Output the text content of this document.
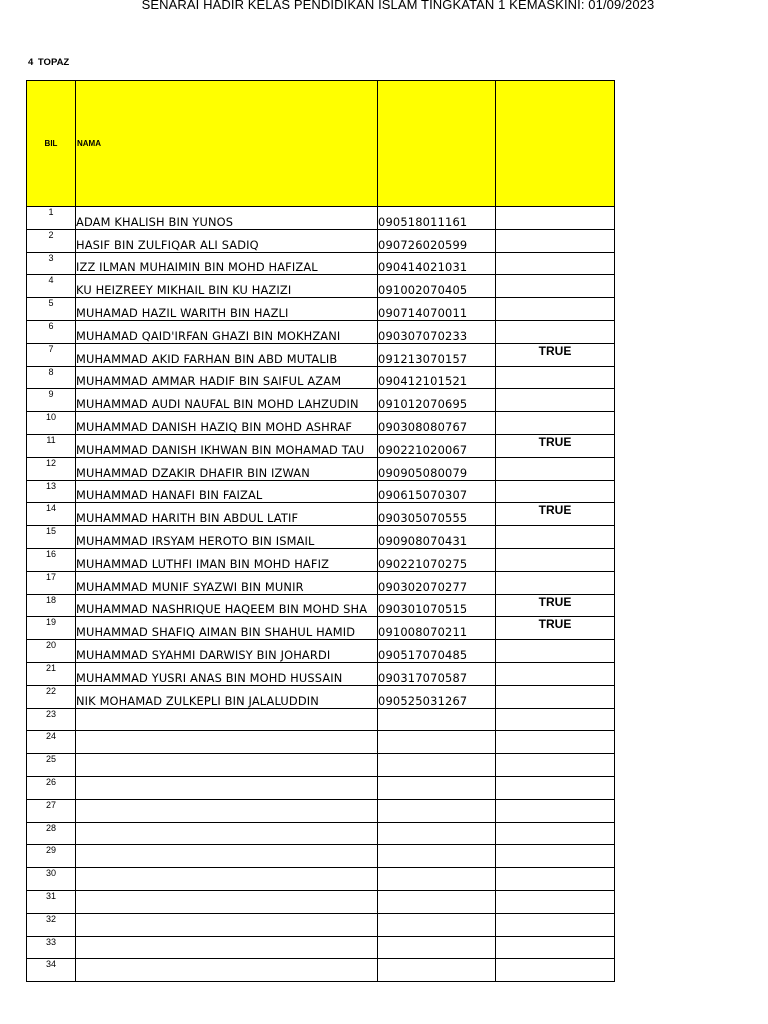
SENARAI HADIR KELAS PENDIDIKAN ISLAM TINGKATAN 1 KEMASKINI: 01/09/2023
4 TOPAZ
BIL	NAMA		
1	ADAM KHALISH BIN YUNOS	090518011161	
2	HASIF BIN ZULFIQAR ALI SADIQ	090726020599	
3	IZZ ILMAN MUHAIMIN BIN MOHD HAFIZAL	090414021031	
4	KU HEIZREEY MIKHAIL BIN KU HAZIZI	091002070405	
5	MUHAMAD HAZIL WARITH BIN HAZLI	090714070011	
6	MUHAMAD QAID'IRFAN GHAZI BIN MOKHZANI	090307070233	
7	MUHAMMAD AKID FARHAN BIN ABD MUTALIB	091213070157	TRUE
8	MUHAMMAD AMMAR HADIF BIN SAIFUL AZAM	090412101521	
9	MUHAMMAD AUDI NAUFAL BIN MOHD LAHZUDIN	091012070695	
10	MUHAMMAD DANISH HAZIQ BIN MOHD ASHRAF	090308080767	
11	MUHAMMAD DANISH IKHWAN BIN MOHAMAD TAU	090221020067	TRUE
12	MUHAMMAD DZAKIR DHAFIR BIN IZWAN	090905080079	
13	MUHAMMAD HANAFI BIN FAIZAL	090615070307	
14	MUHAMMAD HARITH BIN ABDUL LATIF	090305070555	TRUE
15	MUHAMMAD IRSYAM HEROTO BIN ISMAIL	090908070431	
16	MUHAMMAD LUTHFI IMAN BIN MOHD HAFIZ	090221070275	
17	MUHAMMAD MUNIF SYAZWI BIN MUNIR	090302070277	
18	MUHAMMAD NASHRIQUE HAQEEM BIN MOHD SHA	090301070515	TRUE
19	MUHAMMAD SHAFIQ AIMAN BIN SHAHUL HAMID	091008070211	TRUE
20	MUHAMMAD SYAHMI DARWISY BIN JOHARDI	090517070485	
21	MUHAMMAD YUSRI ANAS BIN MOHD HUSSAIN	090317070587	
22	NIK MOHAMAD ZULKEPLI BIN JALALUDDIN	090525031267	
23			
24			
25			
26			
27			
28			
29			
30			
31			
32			
33			
34			
